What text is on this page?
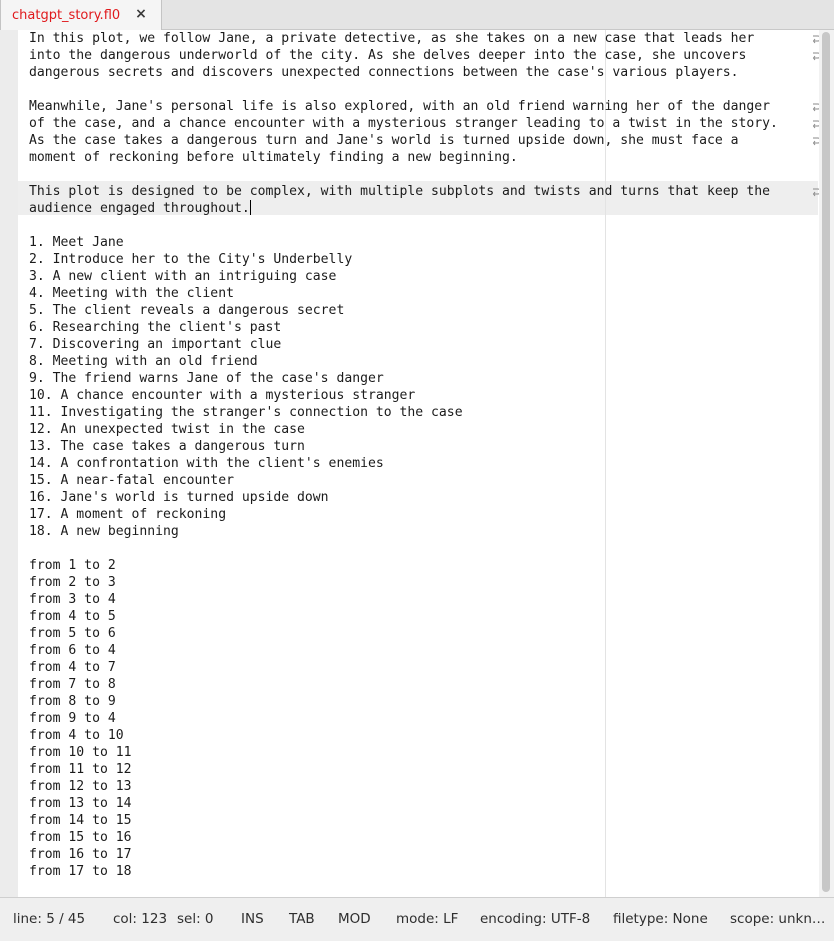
chatgpt_story.fl0 ×
In this plot, we follow Jane, a private detective, as she takes on a new case that leads her
into the dangerous underworld of the city. As she delves deeper into the case, she uncovers
dangerous secrets and discovers unexpected connections between the case's various players.
Meanwhile, Jane's personal life is also explored, with an old friend warning her of the danger
of the case, and a chance encounter with a mysterious stranger leading to a twist in the story.
As the case takes a dangerous turn and Jane's world is turned upside down, she must face a
moment of reckoning before ultimately finding a new beginning.
This plot is designed to be complex, with multiple subplots and twists and turns that keep the
audience engaged throughout.
1. Meet Jane
2. Introduce her to the City's Underbelly
3. A new client with an intriguing case
4. Meeting with the client
5. The client reveals a dangerous secret
6. Researching the client's past
7. Discovering an important clue
8. Meeting with an old friend
9. The friend warns Jane of the case's danger
10. A chance encounter with a mysterious stranger
11. Investigating the stranger's connection to the case
12. An unexpected twist in the case
13. The case takes a dangerous turn
14. A confrontation with the client's enemies
15. A near-fatal encounter
16. Jane's world is turned upside down
17. A moment of reckoning
18. A new beginning
from 1 to 2
from 2 to 3
from 3 to 4
from 4 to 5
from 5 to 6
from 6 to 4
from 4 to 7
from 7 to 8
from 8 to 9
from 9 to 4
from 4 to 10
from 10 to 11
from 11 to 12
from 12 to 13
from 13 to 14
from 14 to 15
from 15 to 16
from 16 to 17
from 17 to 18
line: 5 / 45 col: 123 sel: 0 INS TAB MOD mode: LF encoding: UTF-8 filetype: None scope: unkn…
